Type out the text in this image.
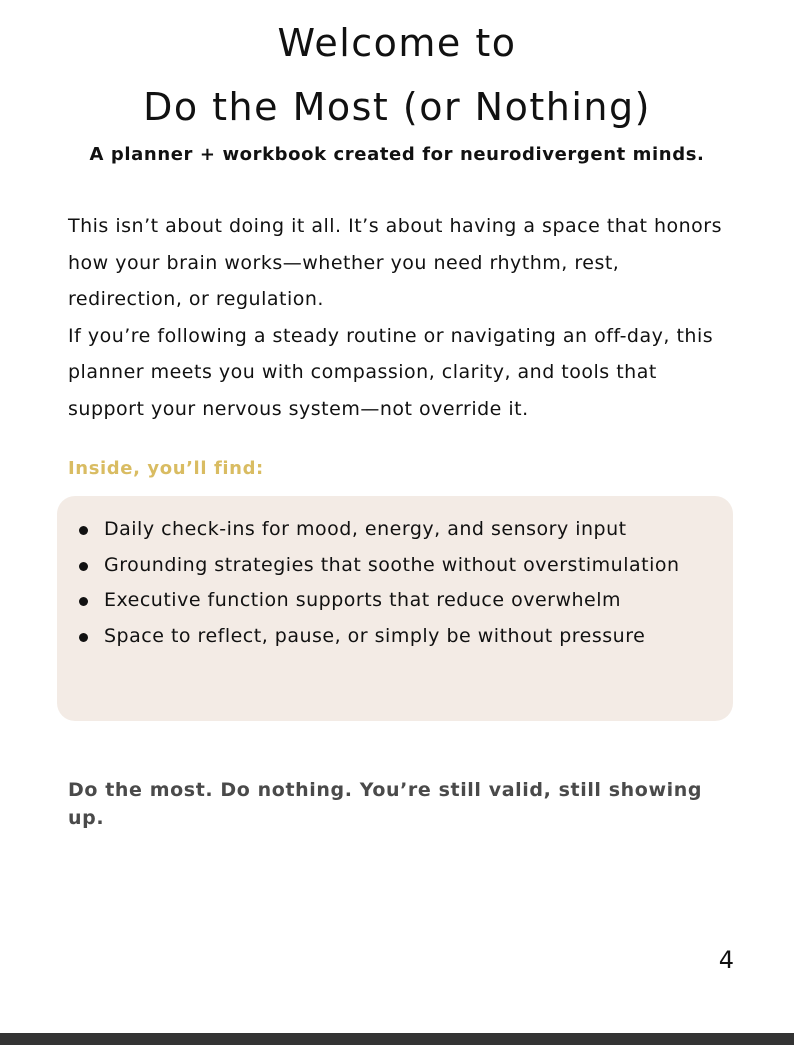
Welcome to
Do the Most (or Nothing)
A planner + workbook created for neurodivergent minds.

This isn’t about doing it all. It’s about having a space that honors how your brain works—whether you need rhythm, rest, redirection, or regulation.

If you’re following a steady routine or navigating an off-day, this planner meets you with compassion, clarity, and tools that support your nervous system—not override it.

Inside, you’ll find:
Daily check-ins for mood, energy, and sensory input
Grounding strategies that soothe without overstimulation
Executive function supports that reduce overwhelm
Space to reflect, pause, or simply be without pressure
Do the most. Do nothing. You’re still valid, still showing up.
4
